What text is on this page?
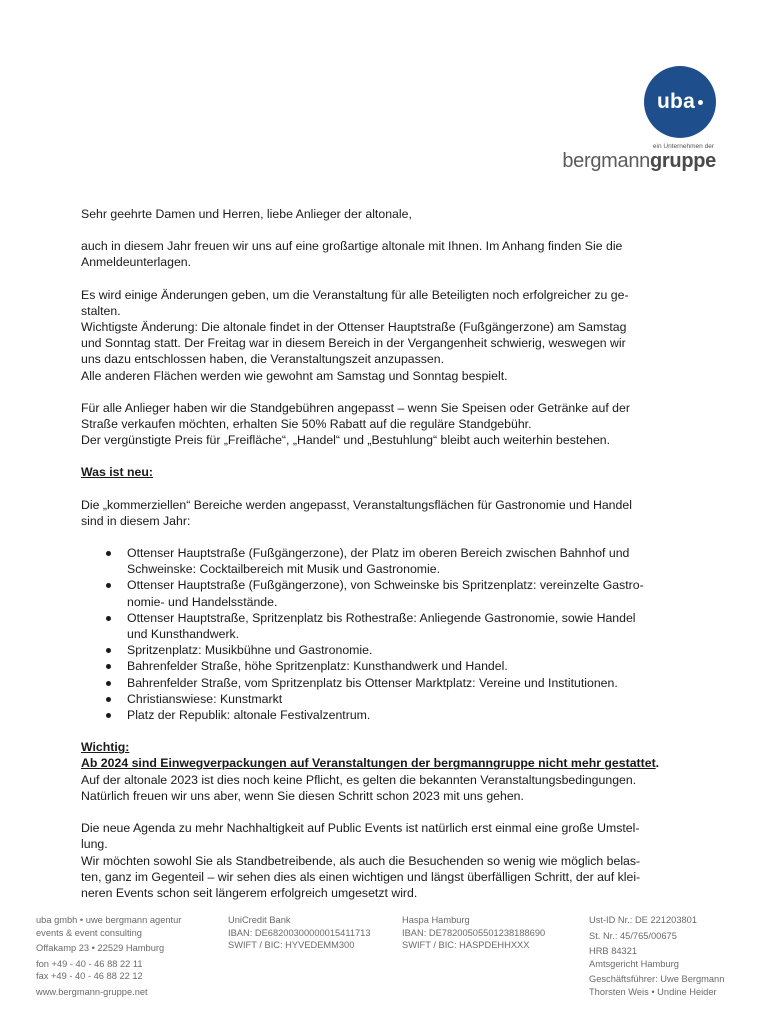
uba
ein Unternehmen der
bergmanngruppe

Sehr geehrte Damen und Herren, liebe Anlieger der altonale,

auch in diesem Jahr freuen wir uns auf eine großartige altonale mit Ihnen. Im Anhang finden Sie die

Anmeldeunterlagen.

Es wird einige Änderungen geben, um die Veranstaltung für alle Beteiligten noch erfolgreicher zu ge-

stalten.

Wichtigste Änderung: Die altonale findet in der Ottenser Hauptstraße (Fußgängerzone) am Samstag

und Sonntag statt. Der Freitag war in diesem Bereich in der Vergangenheit schwierig, weswegen wir

uns dazu entschlossen haben, die Veranstaltungszeit anzupassen.

Alle anderen Flächen werden wie gewohnt am Samstag und Sonntag bespielt.

Für alle Anlieger haben wir die Standgebühren angepasst – wenn Sie Speisen oder Getränke auf der

Straße verkaufen möchten, erhalten Sie 50% Rabatt auf die reguläre Standgebühr.

Der vergünstigte Preis für „Freifläche“, „Handel“ und „Bestuhlung“ bleibt auch weiterhin bestehen.

Was ist neu:

Die „kommerziellen“ Bereiche werden angepasst, Veranstaltungsflächen für Gastronomie und Handel

sind in diesem Jahr:

Ottenser Hauptstraße (Fußgängerzone), der Platz im oberen Bereich zwischen Bahnhof und
Schweinske: Cocktailbereich mit Musik und Gastronomie.
Ottenser Hauptstraße (Fußgängerzone), von Schweinske bis Spritzenplatz: vereinzelte Gastro-
nomie- und Handelsstände.
Ottenser Hauptstraße, Spritzenplatz bis Rothestraße: Anliegende Gastronomie, sowie Handel
und Kunsthandwerk.
Spritzenplatz: Musikbühne und Gastronomie.
Bahrenfelder Straße, höhe Spritzenplatz: Kunsthandwerk und Handel.
Bahrenfelder Straße, vom Spritzenplatz bis Ottenser Marktplatz: Vereine und Institutionen.
Christianswiese: Kunstmarkt
Platz der Republik: altonale Festivalzentrum.

Wichtig:

Ab 2024 sind Einwegverpackungen auf Veranstaltungen der bergmanngruppe nicht mehr gestattet.

Auf der altonale 2023 ist dies noch keine Pflicht, es gelten die bekannten Veranstaltungsbedingungen.

Natürlich freuen wir uns aber, wenn Sie diesen Schritt schon 2023 mit uns gehen.

Die neue Agenda zu mehr Nachhaltigkeit auf Public Events ist natürlich erst einmal eine große Umstel-

lung.

Wir möchten sowohl Sie als Standbetreibende, als auch die Besuchenden so wenig wie möglich belas-

ten, ganz im Gegenteil – wir sehen dies als einen wichtigen und längst überfälligen Schritt, der auf klei-

neren Events schon seit längerem erfolgreich umgesetzt wird.

uba gmbh • uwe bergmann agentur

events & event consulting

Offakamp 23 • 22529 Hamburg

fon +49 - 40 - 46 88 22 11

fax +49 - 40 - 46 88 22 12

www.bergmann-gruppe.net

UniCredit Bank

IBAN: DE68200300000015411713

SWIFT / BIC: HYVEDEMM300

Haspa Hamburg

IBAN: DE78200505501238188690

SWIFT / BIC: HASPDEHHXXX

Ust-ID Nr.: DE 221203801

St. Nr.: 45/765/00675

HRB 84321

Amtsgericht Hamburg

Geschäftsführer: Uwe Bergmann

Thorsten Weis • Undine Heider
